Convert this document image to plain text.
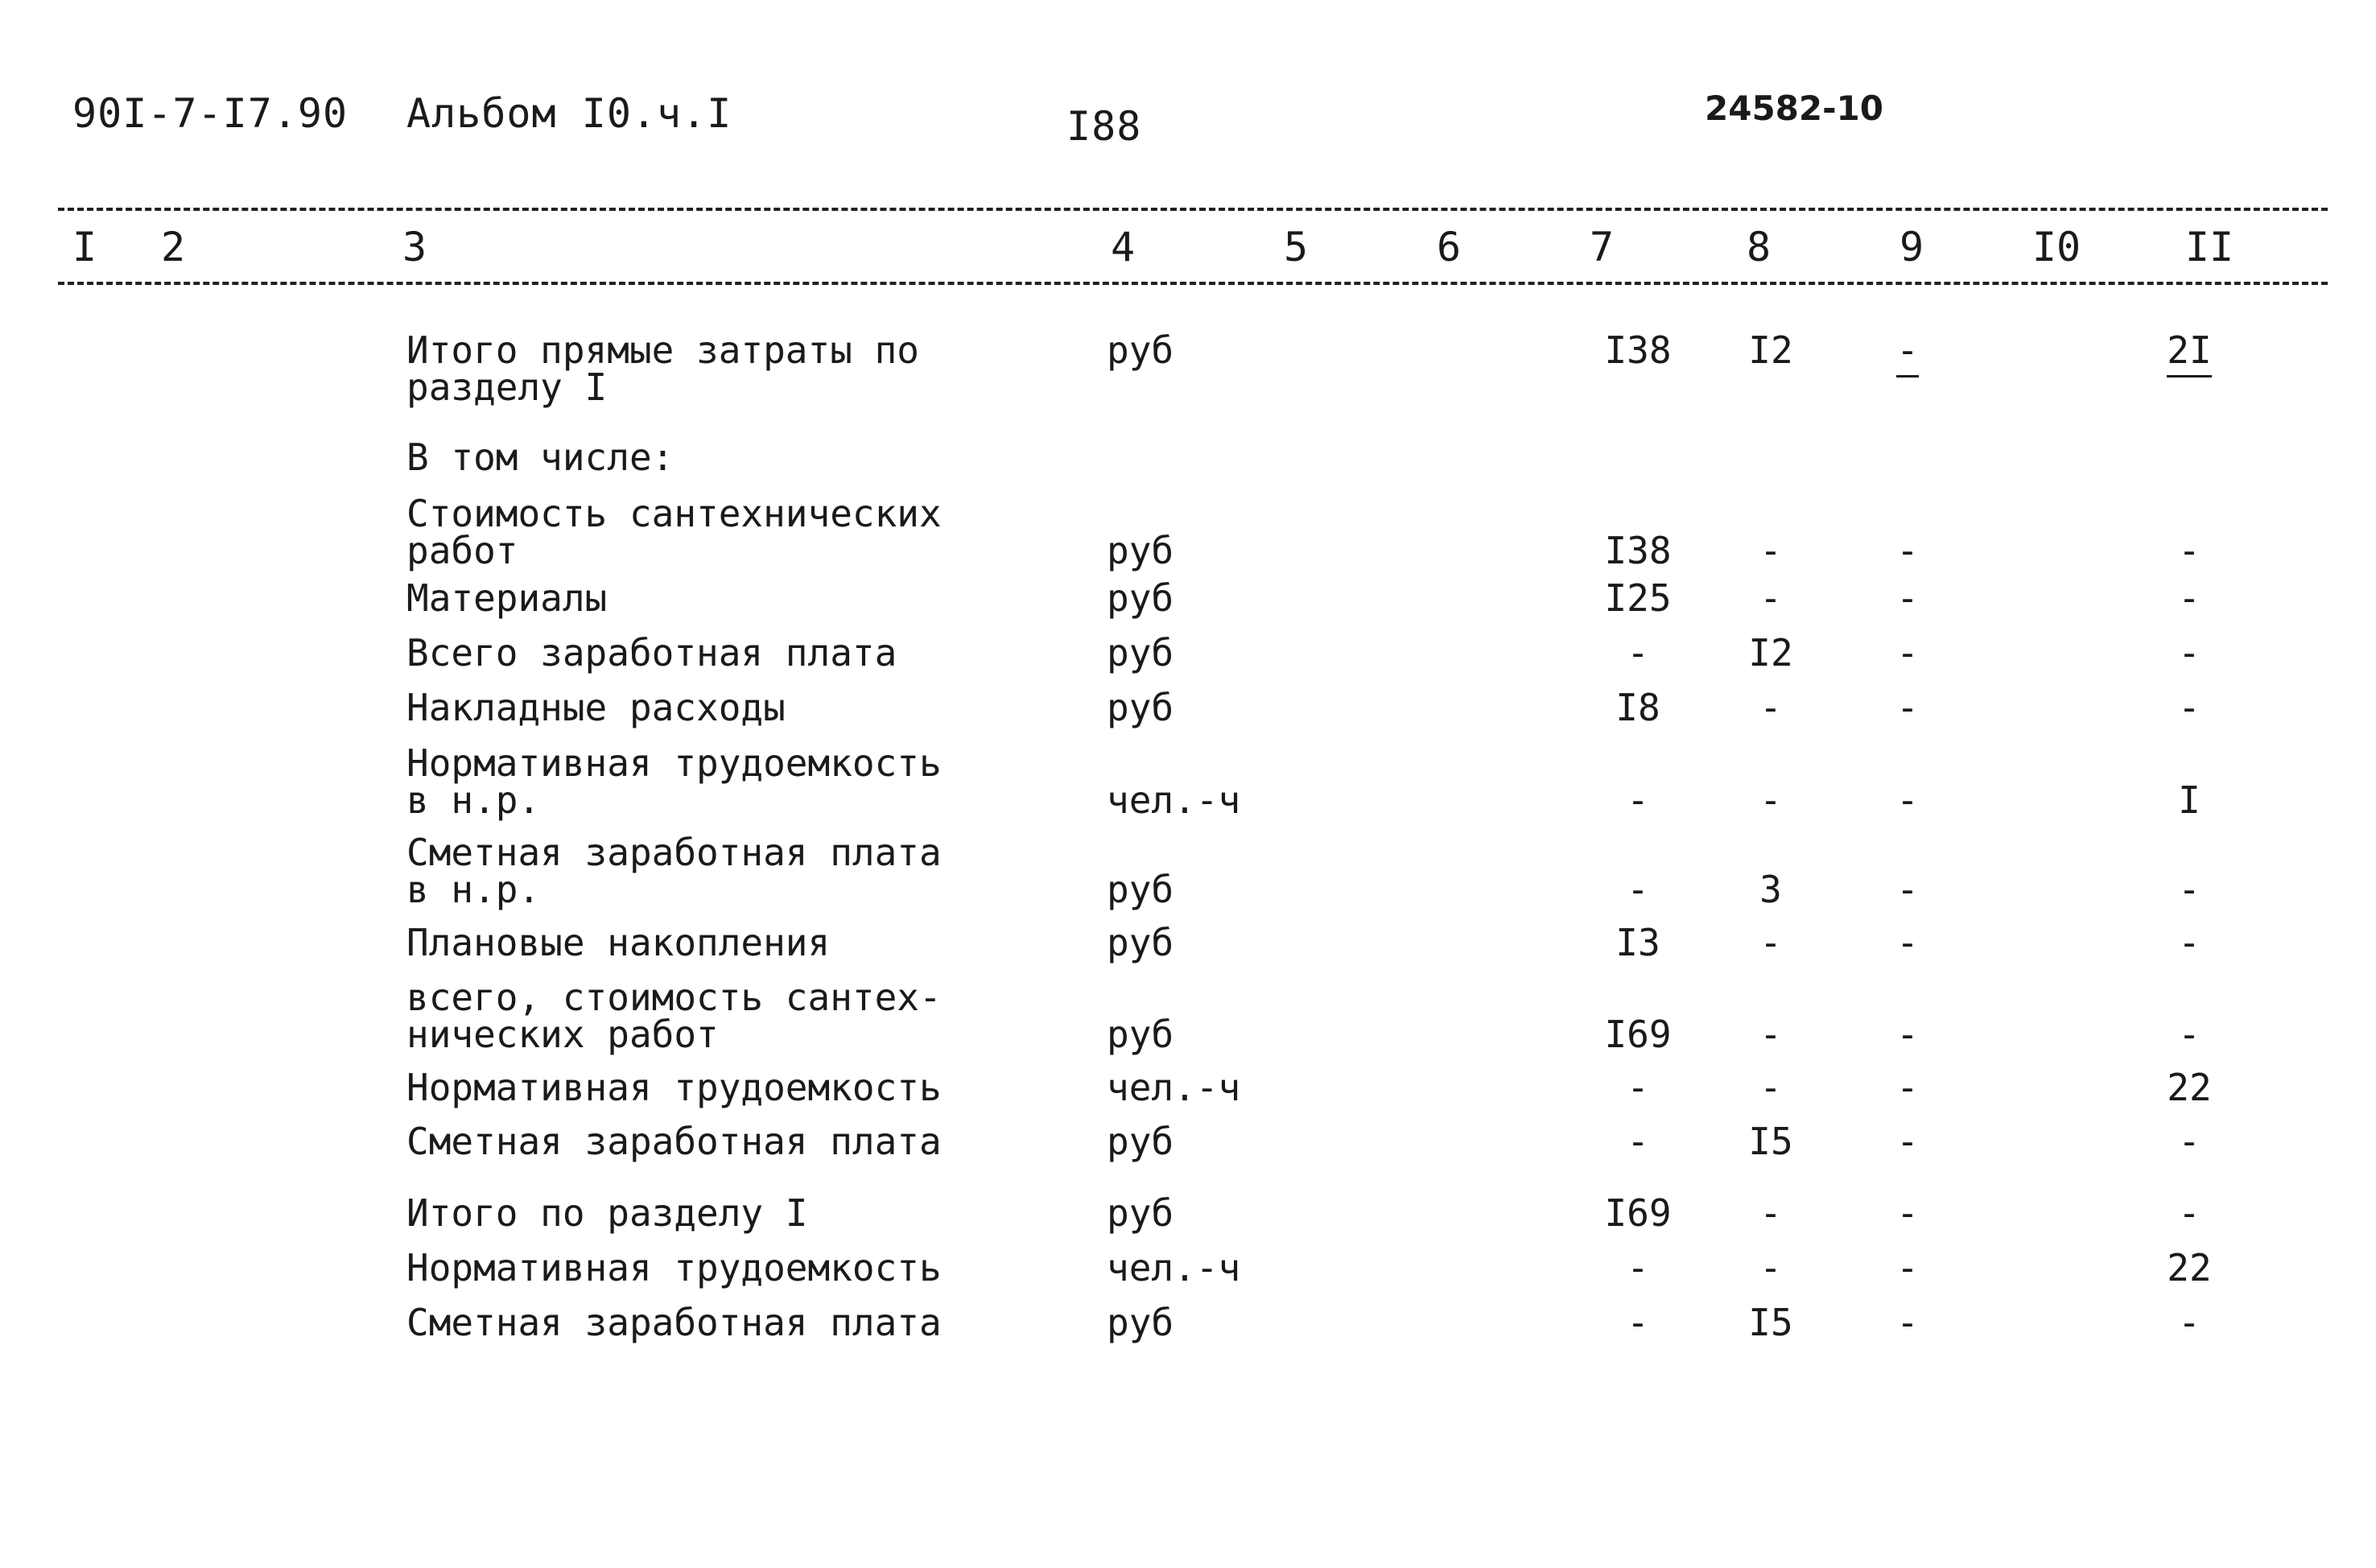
90I-7-I7.90 Альбом I0.ч.I	I88	24582-10
I	2	3	4	5	6	7	8	9	I0	II
Итого прямые затраты по
разделу I
руб	I38	I2	-	2I
В том числе:
Стоимость сантехнических
работ	руб	I38	-	-	-
Материалы	руб	I25	-	-	-
Всего заработная плата	руб	-	I2	-	-
Накладные расходы	руб	I8	-	-	-
Нормативная трудоемкость
в н.р.	чел.-ч	-	-	-	I
Сметная заработная плата
в н.р.	руб	-	3	-	-
Плановые накопления	руб	I3	-	-	-
всего, стоимость сантех-
нических работ	руб	I69	-	-	-
Нормативная трудоемкость	чел.-ч	-	-	-	22
Сметная заработная плата	руб	-	I5	-	-
Итого по разделу I	руб	I69	-	-	-
Нормативная трудоемкость	чел.-ч	-	-	-	22
Сметная заработная плата	руб	-	I5	-	-
